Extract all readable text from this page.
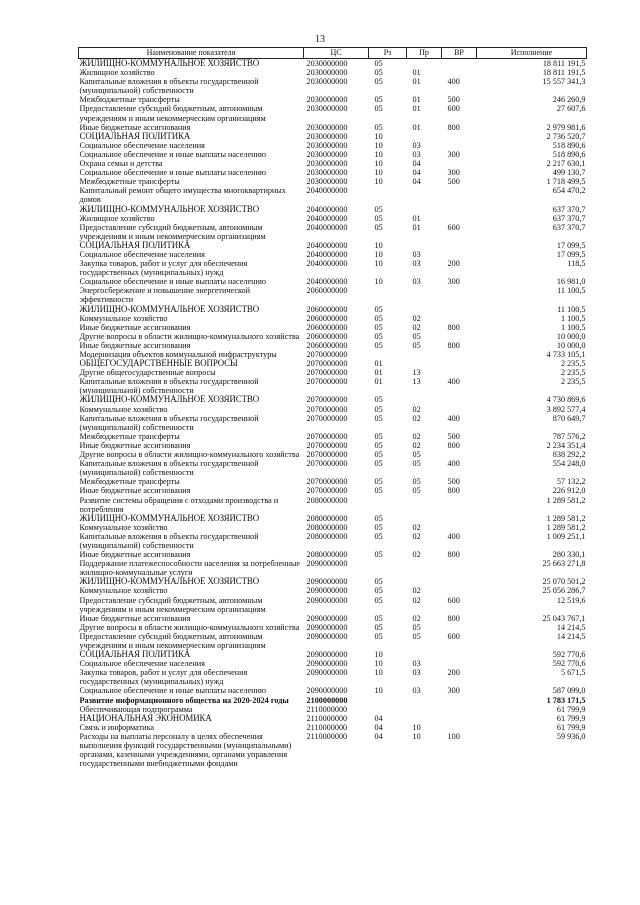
13
Наименование показателя	ЦС	Рз	Пр	ВР	Исполнение
ЖИЛИЩНО-КОММУНАЛЬНОЕ ХОЗЯЙСТВО	2030000000	05			18 811 191,5
Жилищное хозяйство	2030000000	05	01		18 811 191,5
Капитальные вложения в объекты государственной (муниципальной) собственности	2030000000	05	01	400	15 557 341,3
Межбюджетные трансферты	2030000000	05	01	500	246 260,9
Предоставление субсидий бюджетным, автономным учреждениям и иным некоммерческим организациям	2030000000	05	01	600	27 607,6
Иные бюджетные ассигнования	2030000000	05	01	800	2 979 981,6
СОЦИАЛЬНАЯ ПОЛИТИКА	2030000000	10			2 736 520,7
Социальное обеспечение населения	2030000000	10	03		518 890,6
Социальное обеспечение и иные выплаты населению	2030000000	10	03	300	518 890,6
Охрана семьи и детства	2030000000	10	04		2 217 630,1
Социальное обеспечение и иные выплаты населению	2030000000	10	04	300	499 130,7
Межбюджетные трансферты	2030000000	10	04	500	1 718 499,5
Капитальный ремонт общего имущества многоквартирных домов	2040000000				654 470,2
ЖИЛИЩНО-КОММУНАЛЬНОЕ ХОЗЯЙСТВО	2040000000	05			637 370,7
Жилищное хозяйство	2040000000	05	01		637 370,7
Предоставление субсидий бюджетным, автономным учреждениям и иным некоммерческим организациям	2040000000	05	01	600	637 370,7
СОЦИАЛЬНАЯ ПОЛИТИКА	2040000000	10			17 099,5
Социальное обеспечение населения	2040000000	10	03		17 099,5
Закупка товаров, работ и услуг для обеспечения государственных (муниципальных) нужд	2040000000	10	03	200	118,5
Социальное обеспечение и иные выплаты населению	2040000000	10	03	300	16 981,0
Энергосбережение и повышение энергетической эффективности	2060000000				11 100,5
ЖИЛИЩНО-КОММУНАЛЬНОЕ ХОЗЯЙСТВО	2060000000	05			11 100,5
Коммунальное хозяйство	2060000000	05	02		1 100,5
Иные бюджетные ассигнования	2060000000	05	02	800	1 100,5
Другие вопросы в области жилищно-коммунального хозяйства	2060000000	05	05		10 000,0
Иные бюджетные ассигнования	2060000000	05	05	800	10 000,0
Модернизация объектов коммунальной инфраструктуры	2070000000				4 733 105,1
ОБЩЕГОСУДАРСТВЕННЫЕ ВОПРОСЫ	2070000000	01			2 235,5
Другие общегосударственные вопросы	2070000000	01	13		2 235,5
Капитальные вложения в объекты государственной (муниципальной) собственности	2070000000	01	13	400	2 235,5
ЖИЛИЩНО-КОММУНАЛЬНОЕ ХОЗЯЙСТВО	2070000000	05			4 730 869,6
Коммунальное хозяйство	2070000000	05	02		3 892 577,4
Капитальные вложения в объекты государственной (муниципальной) собственности	2070000000	05	02	400	870 649,7
Межбюджетные трансферты	2070000000	05	02	500	787 576,2
Иные бюджетные ассигнования	2070000000	05	02	800	2 234 351,4
Другие вопросы в области жилищно-коммунального хозяйства	2070000000	05	05		838 292,2
Капитальные вложения в объекты государственной (муниципальной) собственности	2070000000	05	05	400	554 248,0
Межбюджетные трансферты	2070000000	05	05	500	57 132,2
Иные бюджетные ассигнования	2070000000	05	05	800	226 912,0
Развитие системы обращения с отходами производства и потребления	2080000000				1 289 581,2
ЖИЛИЩНО-КОММУНАЛЬНОЕ ХОЗЯЙСТВО	2080000000	05			1 289 581,2
Коммунальное хозяйство	2080000000	05	02		1 289 581,2
Капитальные вложения в объекты государственной (муниципальной) собственности	2080000000	05	02	400	1 009 251,1
Иные бюджетные ассигнования	2080000000	05	02	800	280 330,1
Поддержание платежеспособности населения за потребленные жилищно-коммунальные услуги	2090000000				25 663 271,8
ЖИЛИЩНО-КОММУНАЛЬНОЕ ХОЗЯЙСТВО	2090000000	05			25 070 501,2
Коммунальное хозяйство	2090000000	05	02		25 056 286,7
Предоставление субсидий бюджетным, автономным учреждениям и иным некоммерческим организациям	2090000000	05	02	600	12 519,6
Иные бюджетные ассигнования	2090000000	05	02	800	25 043 767,1
Другие вопросы в области жилищно-коммунального хозяйства	2090000000	05	05		14 214,5
Предоставление субсидий бюджетным, автономным учреждениям и иным некоммерческим организациям	2090000000	05	05	600	14 214,5
СОЦИАЛЬНАЯ ПОЛИТИКА	2090000000	10			592 770,6
Социальное обеспечение населения	2090000000	10	03		592 770,6
Закупка товаров, работ и услуг для обеспечения государственных (муниципальных) нужд	2090000000	10	03	200	5 671,5
Социальное обеспечение и иные выплаты населению	2090000000	10	03	300	587 099,0
Развитие информационного общества на 2020-2024 годы	2100000000				1 783 171,5
Обеспечивающая подпрограмма	2110000000				61 799,9
НАЦИОНАЛЬНАЯ ЭКОНОМИКА	2110000000	04			61 799,9
Связь и информатика	2110000000	04	10		61 799,9
Расходы на выплаты персоналу в целях обеспечения выполнения функций государственными (муниципальными) органами, казенными учреждениями, органами управления государственными внебюджетными фондами	2110000000	04	10	100	59 936,0
